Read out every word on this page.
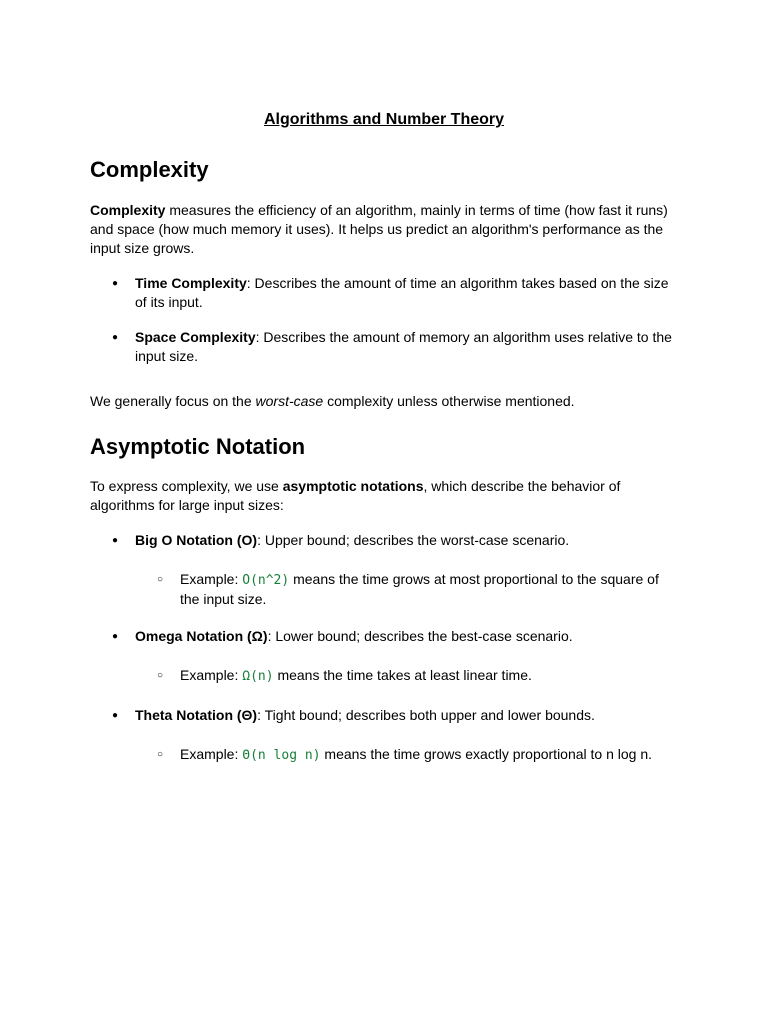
Algorithms and Number Theory
Complexity

Complexity measures the efficiency of an algorithm, mainly in terms of time (how fast it runs) and space (how much memory it uses). It helps us predict an algorithm's performance as the input size grows.

● Time Complexity: Describes the amount of time an algorithm takes based on the size of its input.
● Space Complexity: Describes the amount of memory an algorithm uses relative to the input size.

We generally focus on the worst-case complexity unless otherwise mentioned.

Asymptotic Notation

To express complexity, we use asymptotic notations, which describe the behavior of algorithms for large input sizes:

● Big O Notation (O): Upper bound; describes the worst-case scenario.
○ Example: O(n^2) means the time grows at most proportional to the square of the input size.
● Omega Notation (Ω): Lower bound; describes the best-case scenario.
○ Example: Ω(n) means the time takes at least linear time.
● Theta Notation (Θ): Tight bound; describes both upper and lower bounds.
○ Example: Θ(n log n) means the time grows exactly proportional to n log n.
